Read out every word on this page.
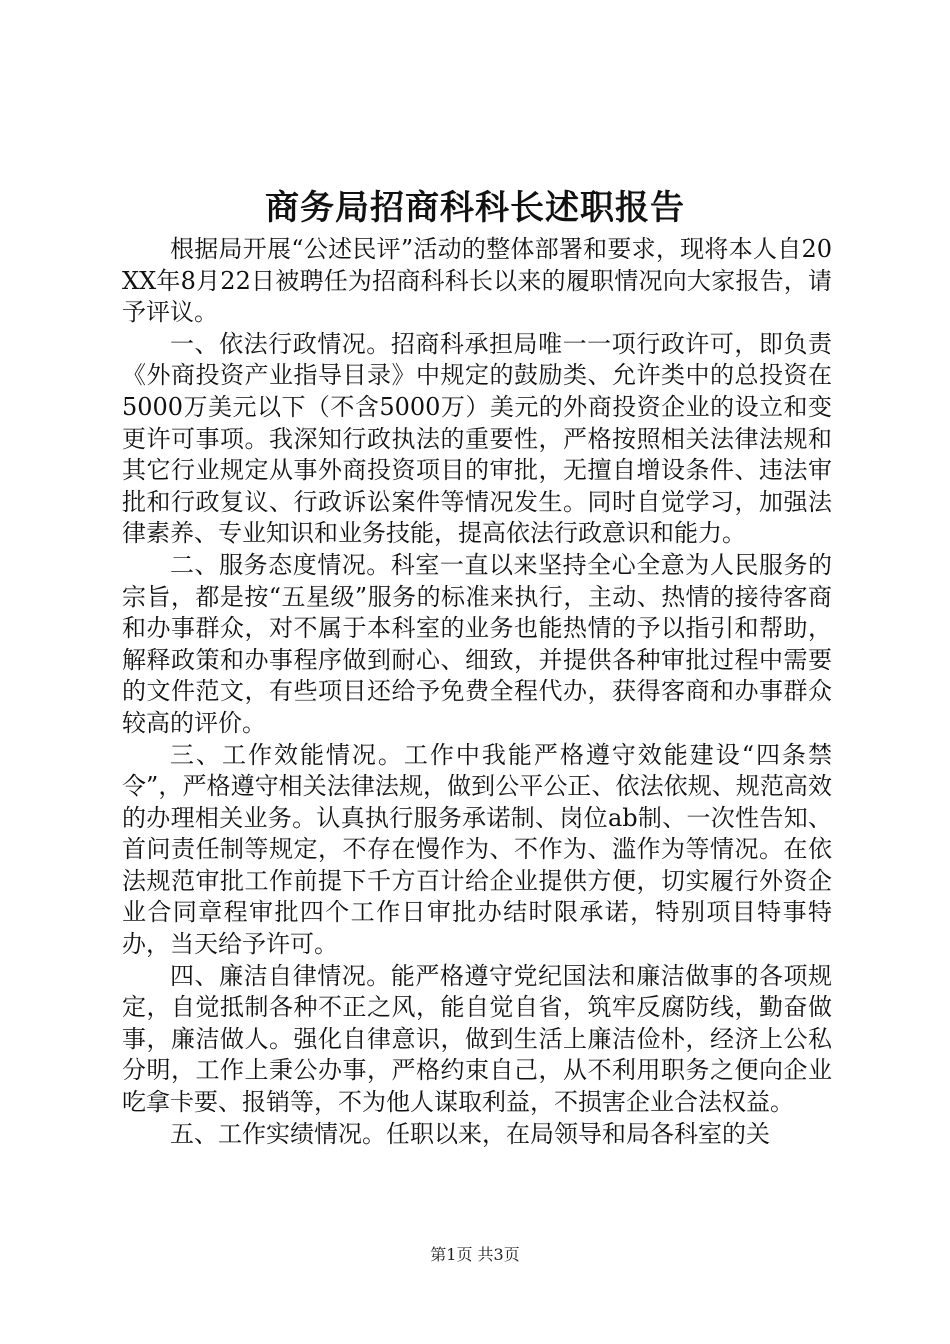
商务局招商科科长述职报告

根据局开展“公述民评”活动的整体部署和要求，现将本人自20XX年8月22日被聘任为招商科科长以来的履职情况向大家报告，请予评议。

一、依法行政情况。招商科承担局唯一一项行政许可，即负责《外商投资产业指导目录》中规定的鼓励类、允许类中的总投资在5000万美元以下（不含5000万）美元的外商投资企业的设立和变更许可事项。我深知行政执法的重要性，严格按照相关法律法规和其它行业规定从事外商投资项目的审批，无擅自增设条件、违法审批和行政复议、行政诉讼案件等情况发生。同时自觉学习，加强法律素养、专业知识和业务技能，提高依法行政意识和能力。

二、服务态度情况。科室一直以来坚持全心全意为人民服务的宗旨，都是按“五星级”服务的标准来执行，主动、热情的接待客商和办事群众，对不属于本科室的业务也能热情的予以指引和帮助，解释政策和办事程序做到耐心、细致，并提供各种审批过程中需要的文件范文，有些项目还给予免费全程代办，获得客商和办事群众较高的评价。

三、工作效能情况。工作中我能严格遵守效能建设“四条禁令”，严格遵守相关法律法规，做到公平公正、依法依规、规范高效的办理相关业务。认真执行服务承诺制、岗位ab制、一次性告知、首问责任制等规定，不存在慢作为、不作为、滥作为等情况。在依法规范审批工作前提下千方百计给企业提供方便，切实履行外资企业合同章程审批四个工作日审批办结时限承诺，特别项目特事特办，当天给予许可。

四、廉洁自律情况。能严格遵守党纪国法和廉洁做事的各项规定，自觉抵制各种不正之风，能自觉自省，筑牢反腐防线，勤奋做事，廉洁做人。强化自律意识，做到生活上廉洁俭朴，经济上公私分明，工作上秉公办事，严格约束自己，从不利用职务之便向企业吃拿卡要、报销等，不为他人谋取利益，不损害企业合法权益。

五、工作实绩情况。任职以来，在局领导和局各科室的关

第1页 共3页
